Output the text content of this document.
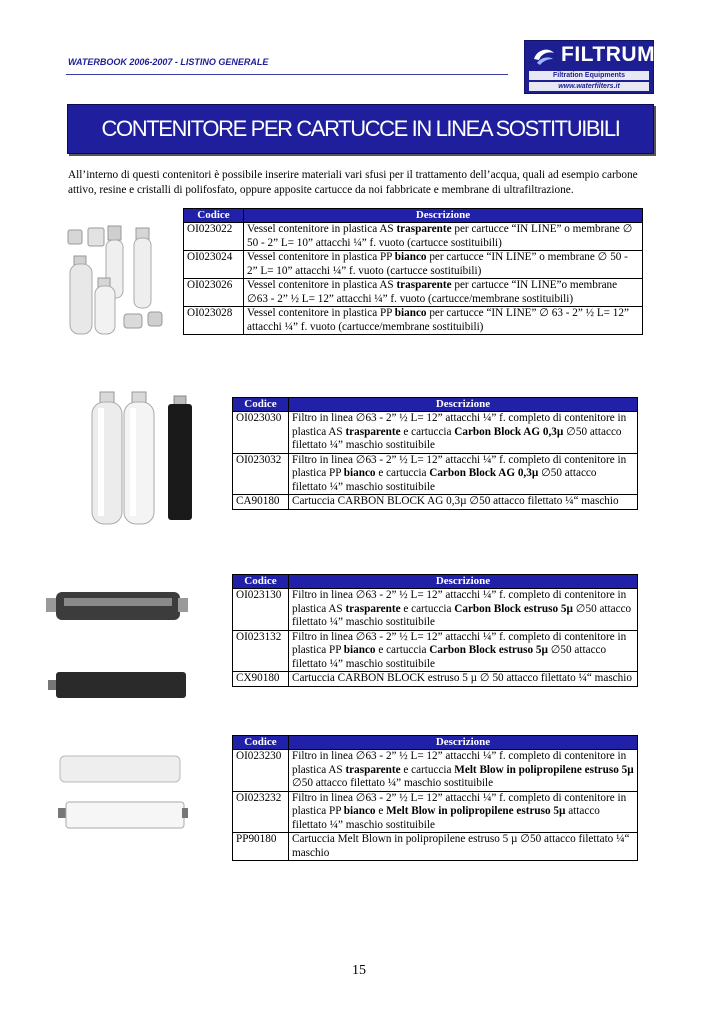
WATERBOOK 2006-2007 - LISTINO GENERALE	FILTRUM
Filtration Equipments
www.waterfilters.it
CONTENITORE PER CARTUCCE IN LINEA SOSTITUIBILI
All’interno di questi contenitori è possibile inserire materiali vari sfusi per il trattamento dell’acqua, quali ad esempio carbone attivo, resine e cristalli di polifosfato, oppure apposite cartucce da noi fabbricate e membrane di ultrafiltrazione.
Codice	Descrizione
OI023022	Vessel contenitore in plastica AS trasparente per cartucce “IN LINE” o membrane ∅ 50 - 2” L= 10” attacchi ¼” f. vuoto (cartucce sostituibili)
OI023024	Vessel contenitore in plastica PP bianco per cartucce “IN LINE” o membrane ∅ 50 - 2” L= 10” attacchi ¼” f. vuoto (cartucce sostituibili)
OI023026	Vessel contenitore in plastica AS trasparente per cartucce “IN LINE”o membrane ∅63 - 2” ½ L= 12” attacchi ¼” f. vuoto (cartucce/membrane sostituibili)
OI023028	Vessel contenitore in plastica PP bianco per cartucce “IN LINE” ∅ 63 - 2” ½ L= 12” attacchi ¼” f. vuoto (cartucce/membrane sostituibili)
Codice	Descrizione
OI023030	Filtro in linea ∅63 - 2” ½ L= 12” attacchi ¼” f. completo di contenitore in plastica AS trasparente e cartuccia Carbon Block AG 0,3µ ∅50 attacco filettato ¼” maschio sostituibile
OI023032	Filtro in linea ∅63 - 2” ½ L= 12” attacchi ¼” f. completo di contenitore in plastica PP bianco e cartuccia Carbon Block AG 0,3µ ∅50 attacco filettato ¼” maschio sostituibile
CA90180	Cartuccia CARBON BLOCK AG 0,3µ ∅50 attacco filettato ¼“ maschio
Codice	Descrizione
OI023130	Filtro in linea ∅63 - 2” ½ L= 12” attacchi ¼” f. completo di contenitore in plastica AS trasparente e cartuccia Carbon Block estruso 5µ ∅50 attacco filettato ¼” maschio sostituibile
OI023132	Filtro in linea ∅63 - 2” ½ L= 12” attacchi ¼” f. completo di contenitore in plastica PP bianco e cartuccia Carbon Block estruso 5µ ∅50 attacco filettato ¼” maschio sostituibile
CX90180	Cartuccia CARBON BLOCK estruso 5 µ ∅ 50 attacco filettato ¼“ maschio
Codice	Descrizione
OI023230	Filtro in linea ∅63 - 2” ½ L= 12” attacchi ¼” f. completo di contenitore in plastica AS trasparente e cartuccia Melt Blow in polipropilene estruso 5µ ∅50 attacco filettato ¼” maschio sostituibile
OI023232	Filtro in linea ∅63 - 2” ½ L= 12” attacchi ¼” f. completo di contenitore in plastica PP bianco e Melt Blow in polipropilene estruso 5µ attacco filettato ¼” maschio sostituibile
PP90180	Cartuccia Melt Blown in polipropilene estruso 5 µ ∅50 attacco filettato ¼“ maschio
15
